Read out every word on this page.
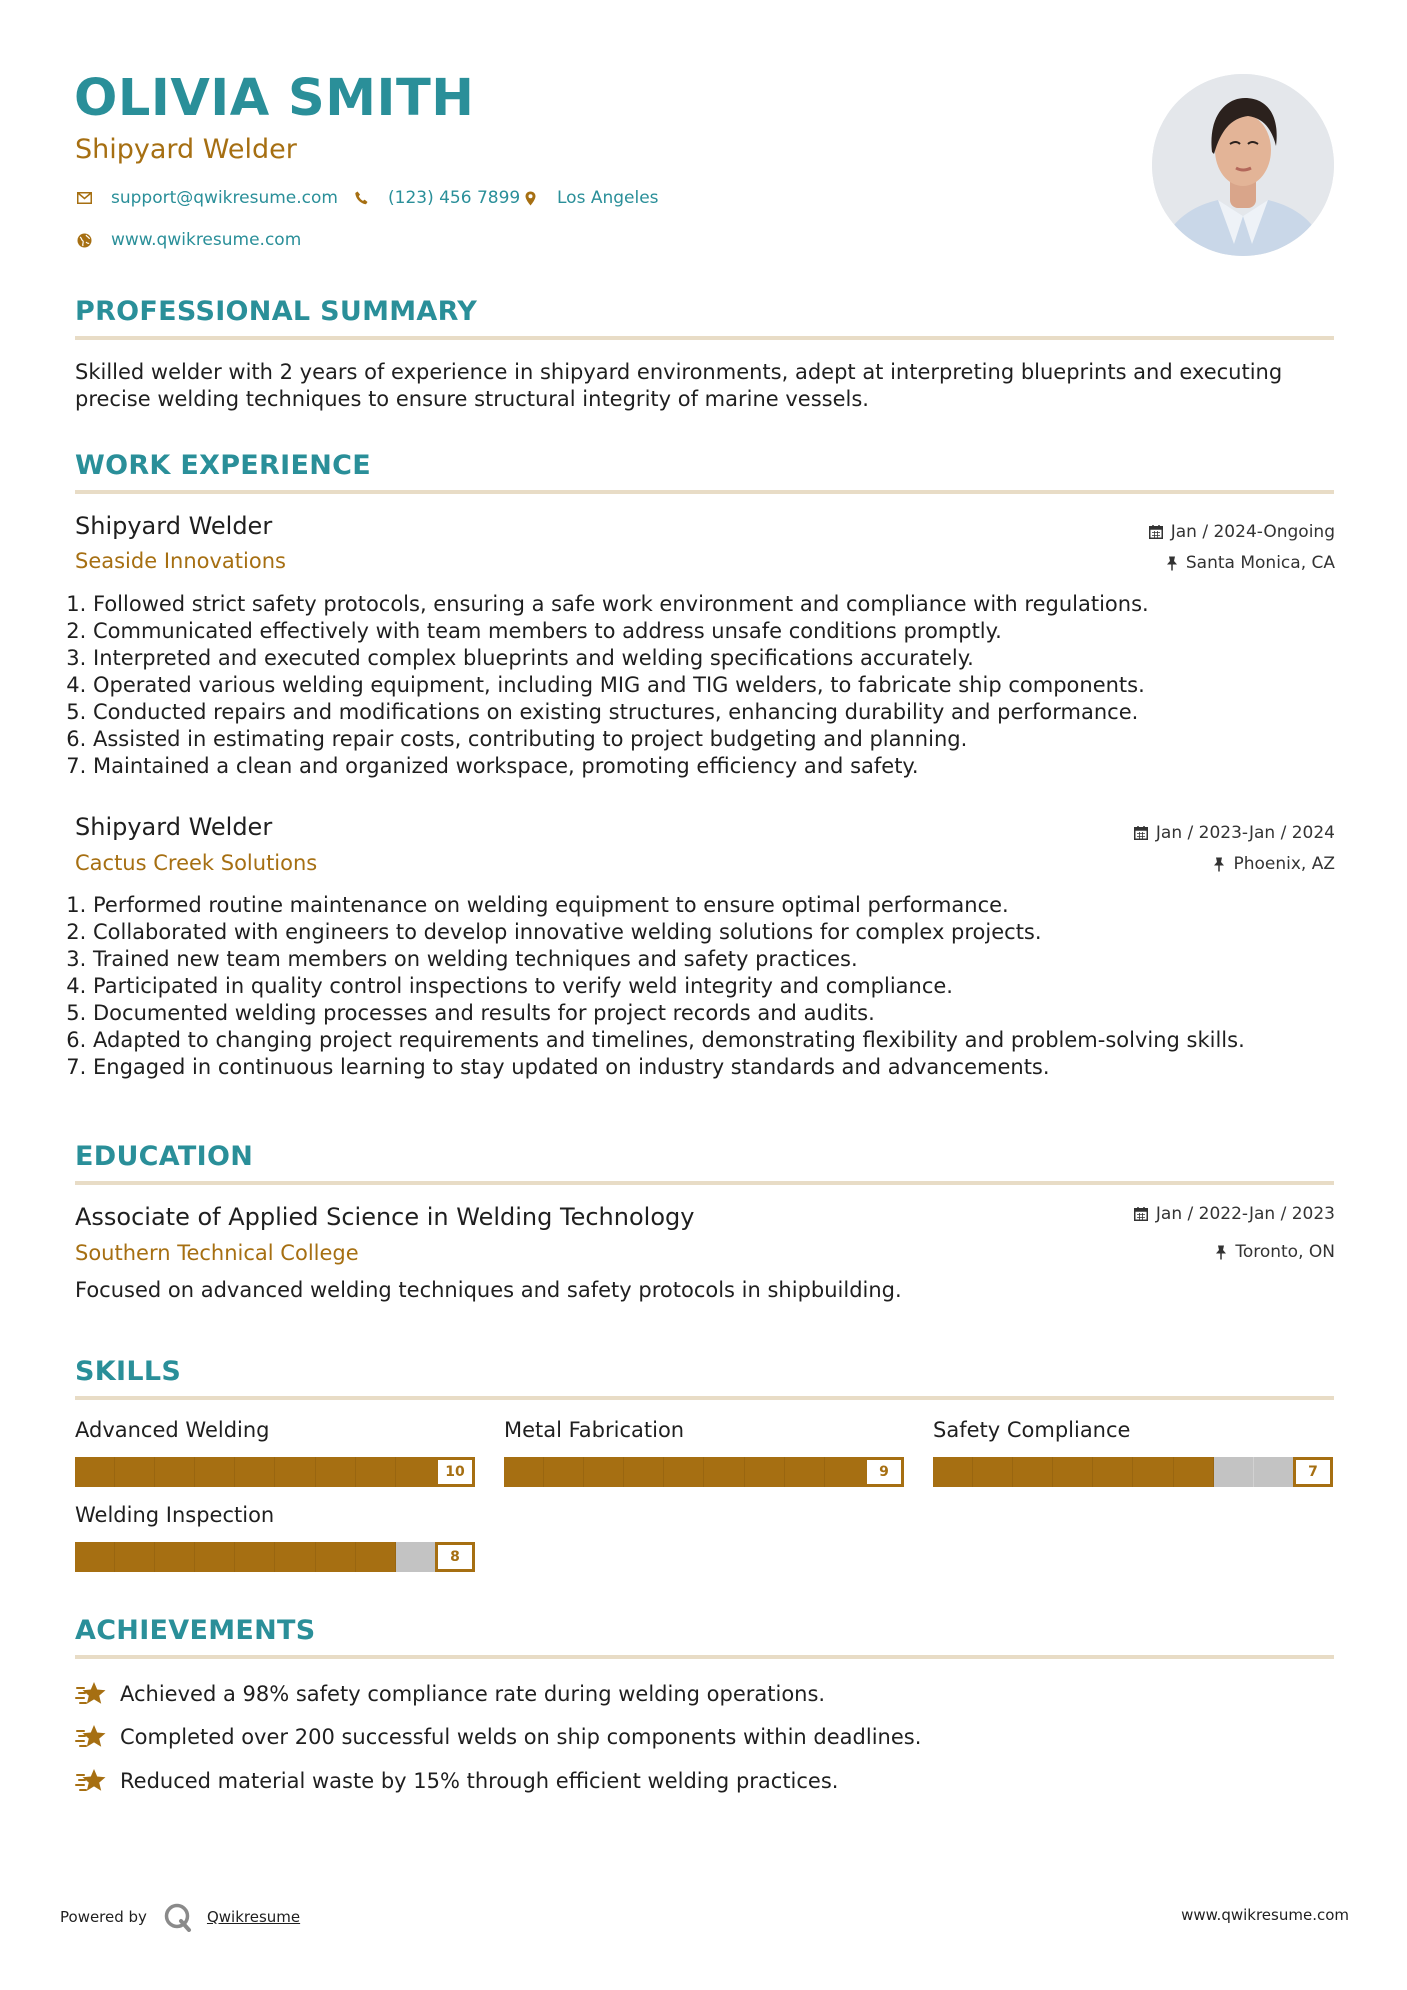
OLIVIA SMITH
Shipyard Welder
support@qwikresume.com	(123) 456 7899 Los Angeles
www.qwikresume.com
PROFESSIONAL SUMMARY

Skilled welder with 2 years of experience in shipyard environments, adept at interpreting blueprints and executing precise welding techniques to ensure structural integrity of marine vessels.

WORK EXPERIENCE
Shipyard Welder	Jan / 2024-Ongoing
Seaside Innovations	Santa Monica, CA
1. Followed strict safety protocols, ensuring a safe work environment and compliance with regulations.
2. Communicated effectively with team members to address unsafe conditions promptly.
3. Interpreted and executed complex blueprints and welding specifications accurately.
4. Operated various welding equipment, including MIG and TIG welders, to fabricate ship components.
5. Conducted repairs and modifications on existing structures, enhancing durability and performance.
6. Assisted in estimating repair costs, contributing to project budgeting and planning.
7. Maintained a clean and organized workspace, promoting efficiency and safety.
Shipyard Welder	Jan / 2023-Jan / 2024
Cactus Creek Solutions	Phoenix, AZ
1. Performed routine maintenance on welding equipment to ensure optimal performance.
2. Collaborated with engineers to develop innovative welding solutions for complex projects.
3. Trained new team members on welding techniques and safety practices.
4. Participated in quality control inspections to verify weld integrity and compliance.
5. Documented welding processes and results for project records and audits.
6. Adapted to changing project requirements and timelines, demonstrating flexibility and problem-solving skills.
7. Engaged in continuous learning to stay updated on industry standards and advancements.
EDUCATION
Associate of Applied Science in Welding Technology	Jan / 2022-Jan / 2023
Southern Technical College	Toronto, ON

Focused on advanced welding techniques and safety protocols in shipbuilding.

SKILLS
Advanced Welding
10
Metal Fabrication
9
Safety Compliance
7
Welding Inspection
8
ACHIEVEMENTS
Achieved a 98% safety compliance rate during welding operations.
Completed over 200 successful welds on ship components within deadlines.
Reduced material waste by 15% through efficient welding practices.
Powered by	Qwikresume	www.qwikresume.com
